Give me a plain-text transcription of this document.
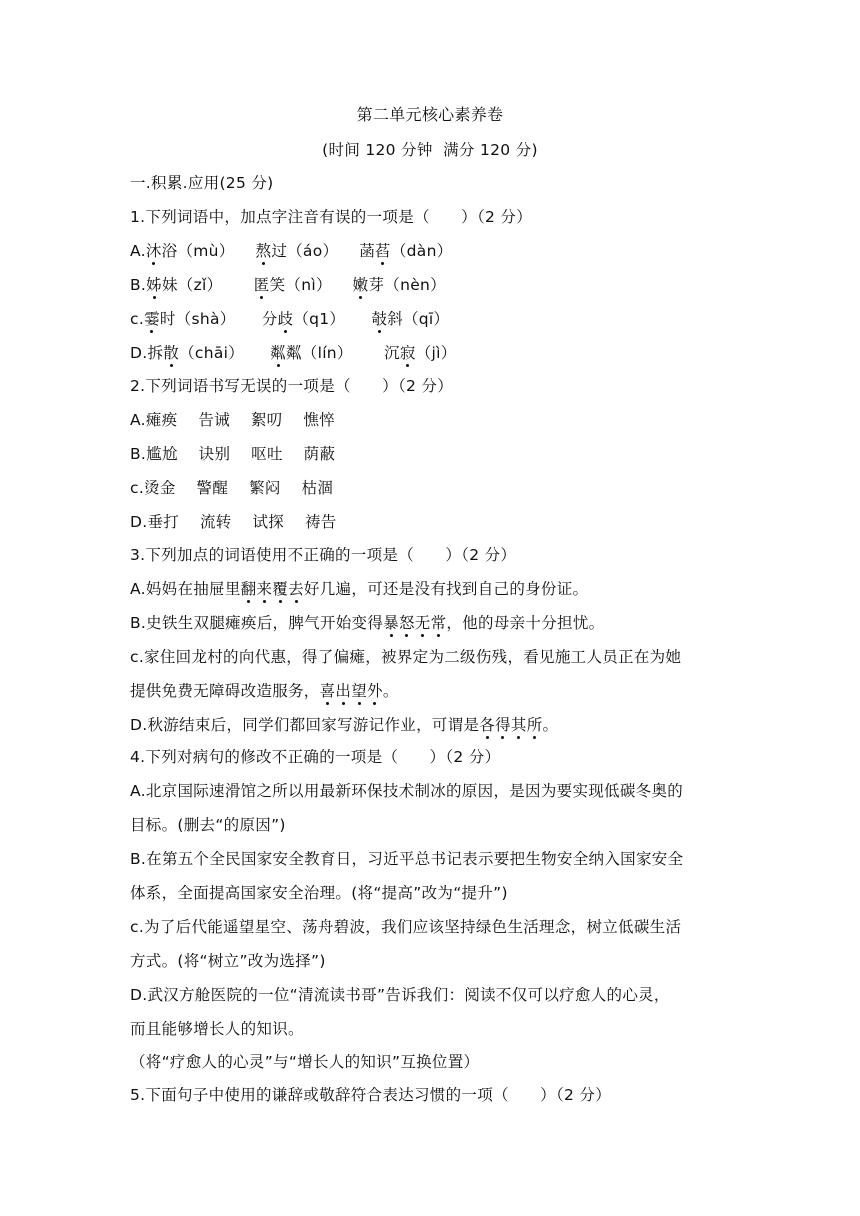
第二单元核心素养卷
(时间 120 分钟  满分 120 分)
一.积累.应用(25 分)
1.下列词语中，加点字注音有误的一项是（      ）（2 分）
A.沐浴（mù）    熬过（áo）    菡萏（dàn）
B.姊妹（zǐ）      匿笑（nì）    嫩芽（nèn）
c.霎时（shà）     分歧（q1）     攲斜（qī）
D.拆散（chāi）     粼粼（lín）      沉寂（jì）
2.下列词语书写无误的一项是（      ）（2 分）
A.瘫痪    告诫    絮叨    憔悴
B.尴尬    诀别    呕吐    荫蔽
c.烫金    警醒    繁闷    枯涸
D.垂打    流转    试探    祷告
3.下列加点的词语使用不正确的一项是（      ）（2 分）
A.妈妈在抽屉里翻来覆去好几遍，可还是没有找到自己的身份证。
B.史铁生双腿瘫痪后，脾气开始变得暴怒无常，他的母亲十分担忧。
c.家住回龙村的向代惠，得了偏瘫，被界定为二级伤残，看见施工人员正在为她
提供免费无障碍改造服务，喜出望外。
D.秋游结束后，同学们都回家写游记作业，可谓是各得其所。
4.下列对病句的修改不正确的一项是（      ）（2 分）
A.北京国际速滑馆之所以用最新环保技术制冰的原因，是因为要实现低碳冬奥的
目标。(删去“的原因”)
B.在第五个全民国家安全教育日，习近平总书记表示要把生物安全纳入国家安全
体系，全面提高国家安全治理。(将“提高”改为“提升”)
c.为了后代能遥望星空、荡舟碧波，我们应该坚持绿色生活理念，树立低碳生活
方式。(将“树立”改为选择”)
D.武汉方舱医院的一位“清流读书哥”告诉我们：阅读不仅可以疗愈人的心灵，
而且能够增长人的知识。
（将“疗愈人的心灵”与“增长人的知识”互换位置）
5.下面句子中使用的谦辞或敬辞符合表达习惯的一项（      ）（2 分）
